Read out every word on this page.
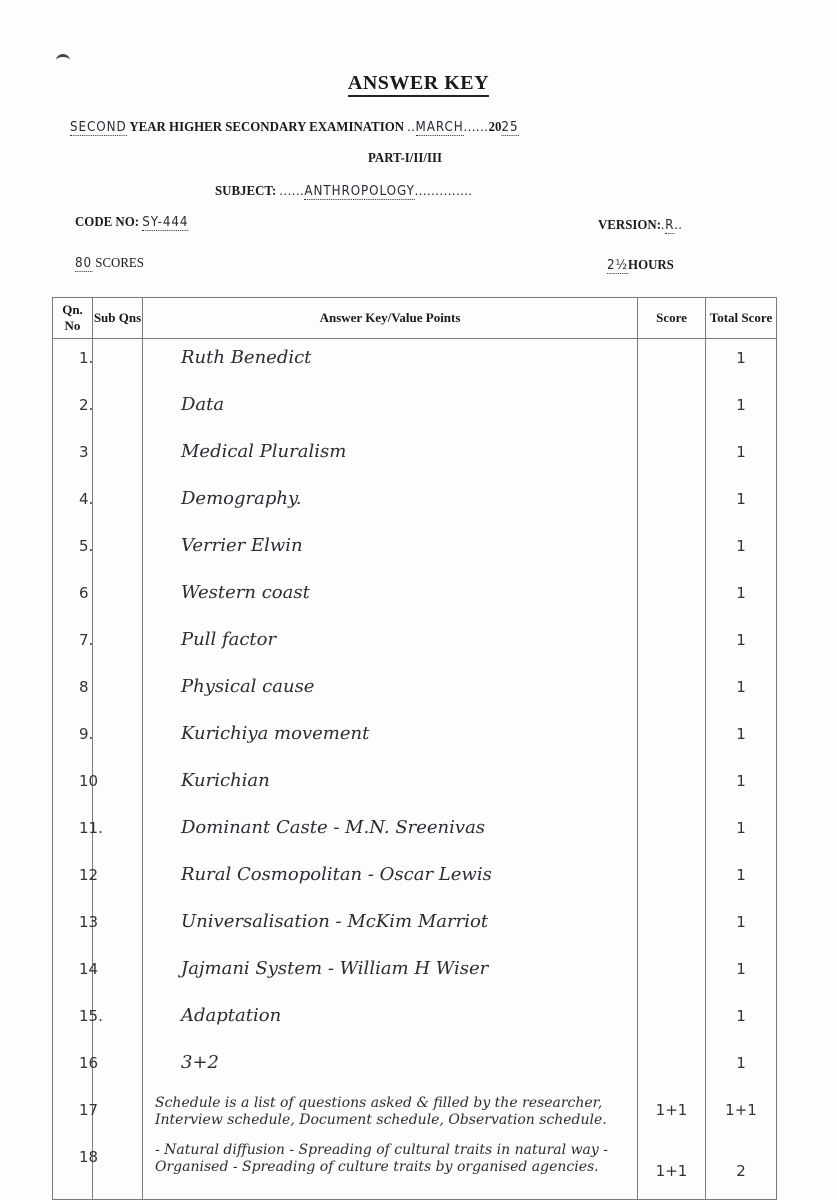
ANSWER KEY
SECOND YEAR HIGHER SECONDARY EXAMINATION ..MARCH......2025
PART-I/II/III
SUBJECT: ......ANTHROPOLOGY..............
CODE NO: SY-444	VERSION:.R..
80 SCORES	2½HOURS
Qn. No	Sub Qns	Answer Key/Value Points	Score	Total Score
1.		Ruth Benedict		1
2.		Data		1
3		Medical Pluralism		1
4.		Demography.		1
5.		Verrier Elwin		1
6		Western coast		1
7.		Pull factor		1
8		Physical cause		1
9.		Kurichiya movement		1
10		Kurichian		1
11.		Dominant Caste - M.N. Sreenivas		1
12		Rural Cosmopolitan - Oscar Lewis		1
13		Universalisation - McKim Marriot		1
14		Jajmani System - William H Wiser		1
15.		Adaptation		1
16		3+2		1
17		Schedule is a list of questions asked & filled by the researcher, Interview schedule, Document schedule, Observation schedule.	1+1	1+1
18		- Natural diffusion - Spreading of cultural traits in natural way - Organised - Spreading of culture traits by organised agencies.	1+1	2
